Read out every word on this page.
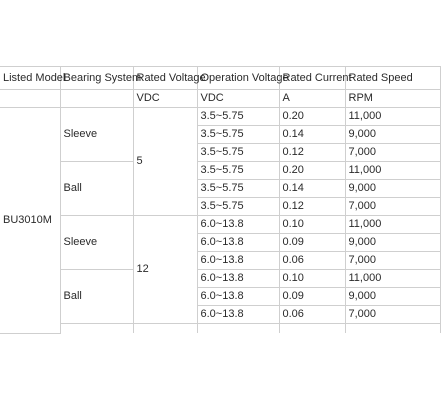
Listed Model	Bearing System	Rated Voltage	Operation Voltage	Rated Current	Rated Speed
		VDC	VDC	A	RPM
BU3010M	Sleeve	5	3.5~5.75	0.20	11,000
			3.5~5.75	0.14	9,000
			3.5~5.75	0.12	7,000
	Ball		3.5~5.75	0.20	11,000
			3.5~5.75	0.14	9,000
			3.5~5.75	0.12	7,000
	Sleeve	12	6.0~13.8	0.10	11,000
			6.0~13.8	0.09	9,000
			6.0~13.8	0.06	7,000
	Ball		6.0~13.8	0.10	11,000
			6.0~13.8	0.09	9,000
			6.0~13.8	0.06	7,000
